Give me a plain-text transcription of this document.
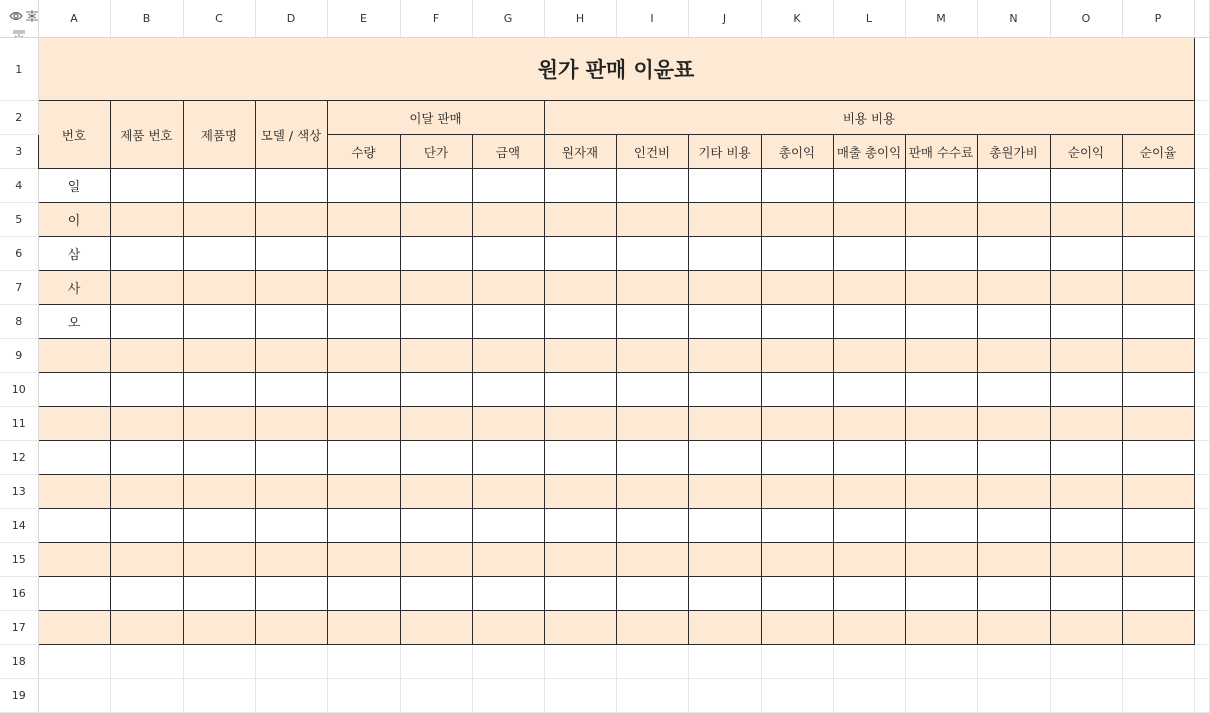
	A	B	C	D	E	F	G	H	I	J	K	L	M	N	O	P	
1	원가 판매 이윤표																
2	번호	제품 번호	제품명	모델 / 색상	이달 판매			비용 비용									
3					수량	단가	금액	원자재	인건비	기타 비용	총이익	매출 총이익	판매 수수료	총원가비	순이익	순이율	
4	일																
5	이																
6	삼																
7	사																
8	오																
9																	
10																	
11																	
12																	
13																	
14																	
15																	
16																	
17																	
18																	
19																	
